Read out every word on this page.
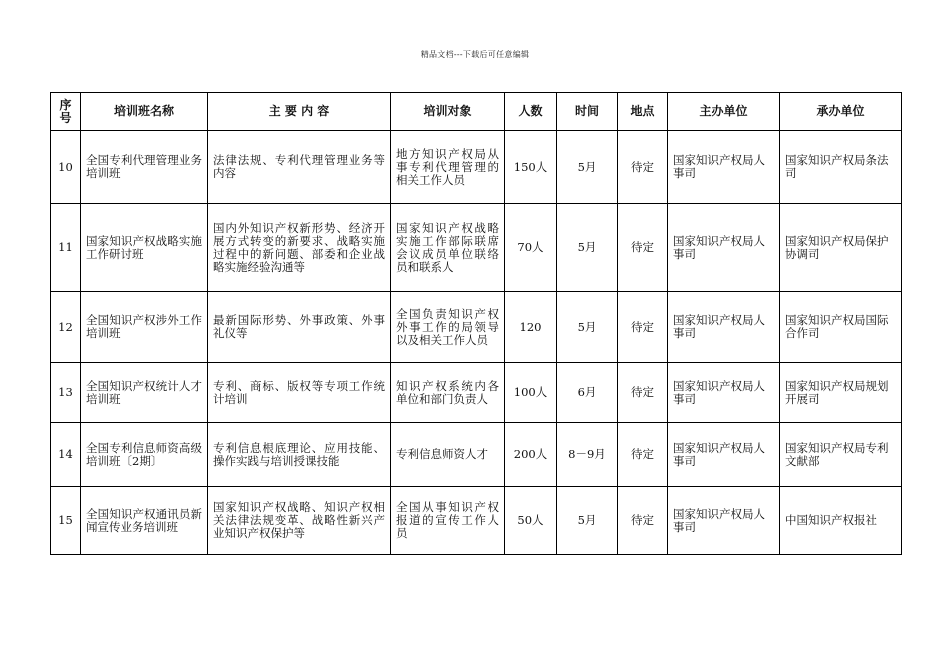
精品文档---下载后可任意编辑
序号	培训班名称	主 要 内 容	培训对象	人数	时间	地点	主办单位	承办单位
10	全国专利代理管理业务培训班	法律法规、专利代理管理业务等内容	地方知识产权局从事专利代理管理的相关工作人员	150人	5月	待定	国家知识产权局人事司	国家知识产权局条法司
11	国家知识产权战略实施工作研讨班	国内外知识产权新形势、经济开展方式转变的新要求、战略实施过程中的新问题、部委和企业战略实施经验沟通等	国家知识产权战略实施工作部际联席会议成员单位联络员和联系人	70人	5月	待定	国家知识产权局人事司	国家知识产权局保护协调司
12	全国知识产权涉外工作培训班	最新国际形势、外事政策、外事礼仪等	全国负责知识产权外事工作的局领导以及相关工作人员	120	5月	待定	国家知识产权局人事司	国家知识产权局国际合作司
13	全国知识产权统计人才培训班	专利、商标、版权等专项工作统计培训	知识产权系统内各单位和部门负责人	100人	6月	待定	国家知识产权局人事司	国家知识产权局规划开展司
14	全国专利信息师资高级培训班〔2期〕	专利信息根底理论、应用技能、操作实践与培训授课技能	专利信息师资人才	200人	8－9月	待定	国家知识产权局人事司	国家知识产权局专利文献部
15	全国知识产权通讯员新闻宣传业务培训班	国家知识产权战略、知识产权相关法律法规变革、战略性新兴产业知识产权保护等	全国从事知识产权报道的宣传工作人员	50人	5月	待定	国家知识产权局人事司	中国知识产权报社
